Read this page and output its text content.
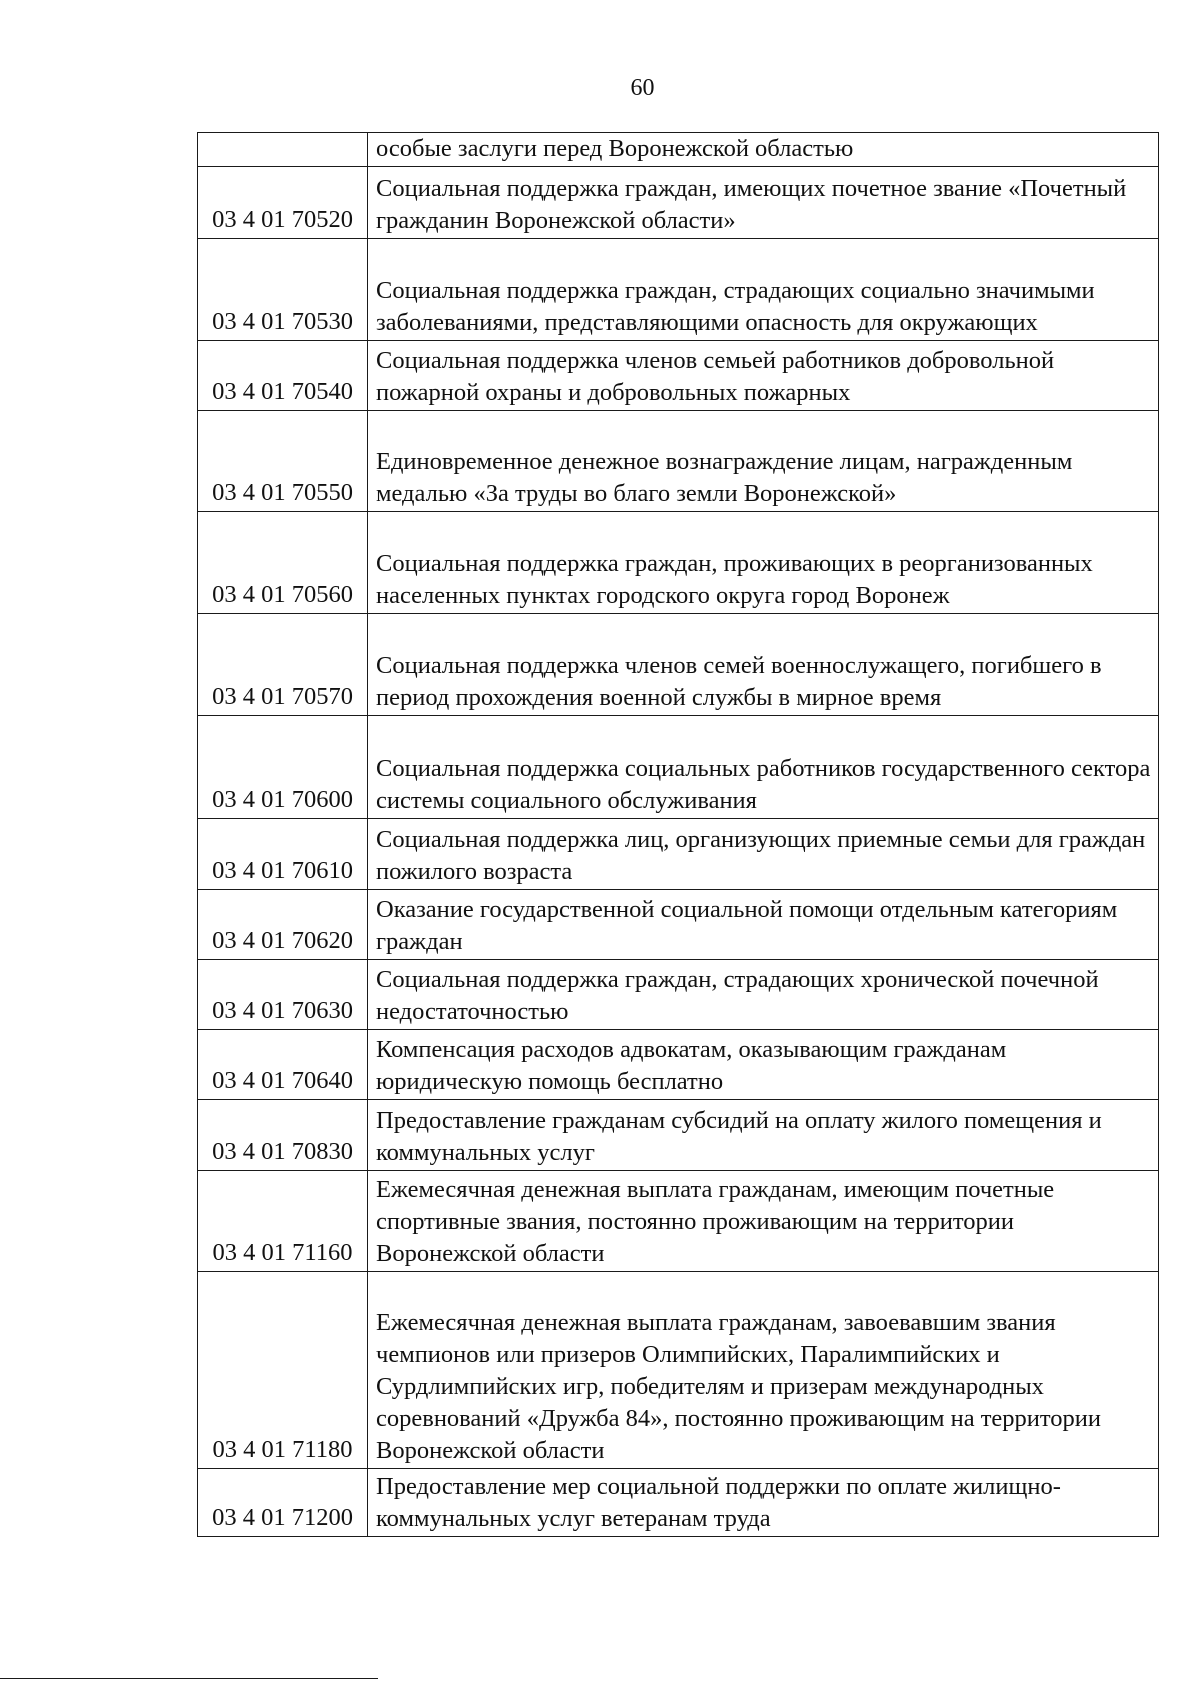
60
	особые заслуги перед Воронежской областью
03 4 01 70520	Социальная поддержка граждан, имеющих почетное звание «Почетный гражданин Воронежской области»
03 4 01 70530	Социальная поддержка граждан, страдающих социально значимыми заболеваниями, представляющими опасность для окружающих
03 4 01 70540	Социальная поддержка членов семьей работников добровольной пожарной охраны и добровольных пожарных
03 4 01 70550	Единовременное денежное вознаграждение лицам, награжденным медалью «За труды во благо земли Воронежской»
03 4 01 70560	Социальная поддержка граждан, проживающих в реорганизованных населенных пунктах городского округа город Воронеж
03 4 01 70570	Социальная поддержка членов семей военнослужащего, погибшего в период прохождения военной службы в мирное время
03 4 01 70600	Социальная поддержка социальных работников государственного сектора системы социального обслуживания
03 4 01 70610	Социальная поддержка лиц, организующих приемные семьи для граждан пожилого возраста
03 4 01 70620	Оказание государственной социальной помощи отдельным категориям граждан
03 4 01 70630	Социальная поддержка граждан, страдающих хронической почечной недостаточностью
03 4 01 70640	Компенсация расходов адвокатам, оказывающим гражданам юридическую помощь бесплатно
03 4 01 70830	Предоставление гражданам субсидий на оплату жилого помещения и коммунальных услуг
03 4 01 71160	Ежемесячная денежная выплата гражданам, имеющим почетные спортивные звания, постоянно проживающим на территории Воронежской области
03 4 01 71180	Ежемесячная денежная выплата гражданам, завоевавшим звания чемпионов или призеров Олимпийских, Паралимпийских и Сурдлимпийских игр, победителям и призерам международных соревнований «Дружба 84», постоянно проживающим на территории Воронежской области
03 4 01 71200	Предоставление мер социальной поддержки по оплате жилищно-коммунальных услуг ветеранам труда
